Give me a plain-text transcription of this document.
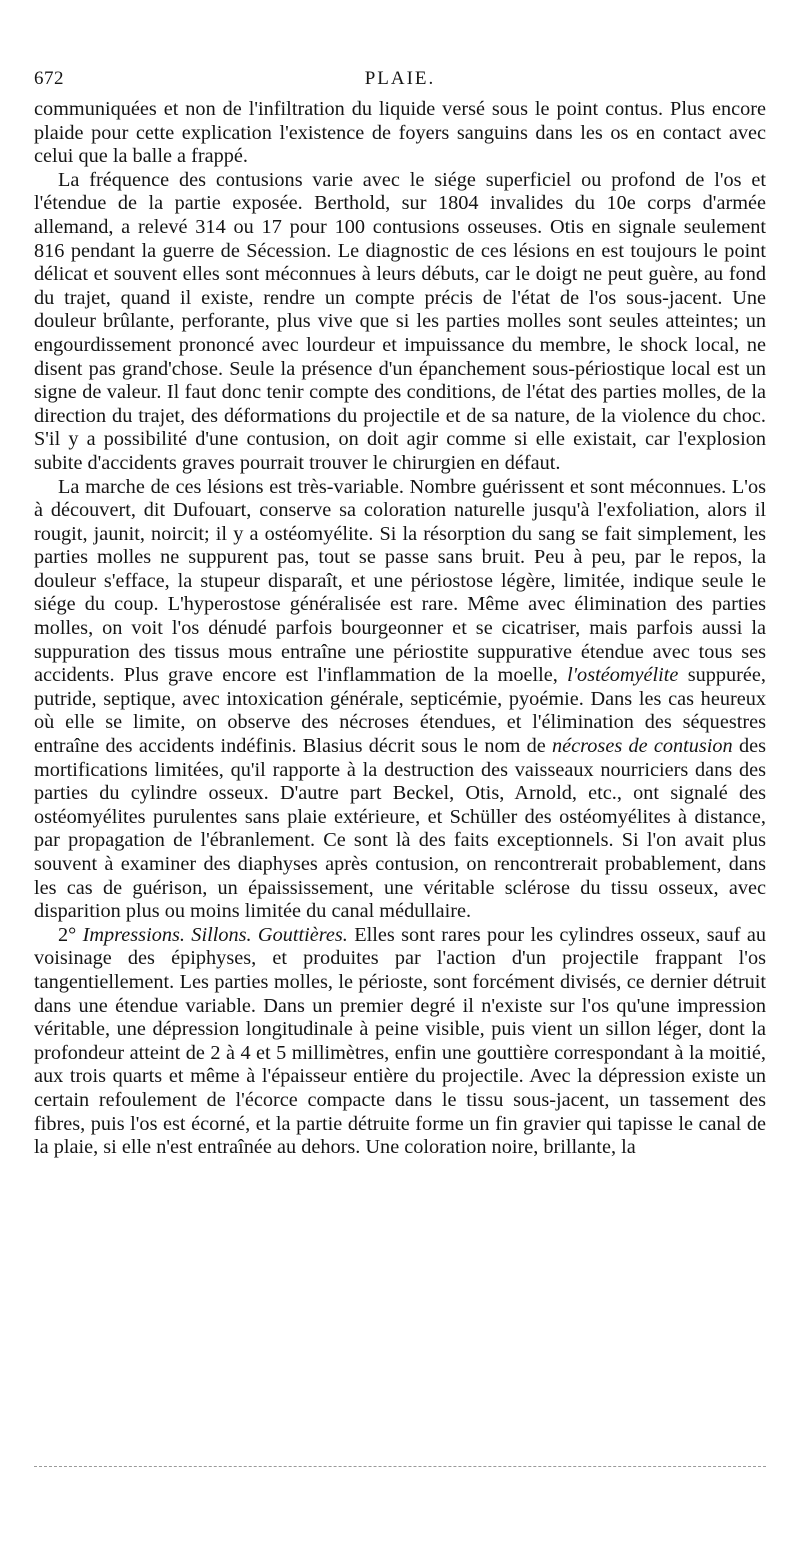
672	PLAIE.

communiquées et non de l'infiltration du liquide versé sous le point contus. Plus encore plaide pour cette explication l'existence de foyers sanguins dans les os en contact avec celui que la balle a frappé.

La fréquence des contusions varie avec le siége superficiel ou profond de l'os et l'étendue de la partie exposée. Berthold, sur 1804 invalides du 10e corps d'armée allemand, a relevé 314 ou 17 pour 100 contusions osseuses. Otis en signale seulement 816 pendant la guerre de Sécession. Le diagnostic de ces lésions en est toujours le point délicat et souvent elles sont méconnues à leurs débuts, car le doigt ne peut guère, au fond du trajet, quand il existe, rendre un compte précis de l'état de l'os sous-jacent. Une douleur brûlante, perforante, plus vive que si les parties molles sont seules atteintes; un engourdissement prononcé avec lourdeur et impuissance du membre, le shock local, ne disent pas grand'chose. Seule la présence d'un épanchement sous-périostique local est un signe de valeur. Il faut donc tenir compte des conditions, de l'état des parties molles, de la direction du trajet, des déformations du projectile et de sa nature, de la violence du choc. S'il y a possibilité d'une contusion, on doit agir comme si elle existait, car l'explosion subite d'accidents graves pourrait trouver le chirurgien en défaut.

La marche de ces lésions est très-variable. Nombre guérissent et sont méconnues. L'os à découvert, dit Dufouart, conserve sa coloration naturelle jusqu'à l'exfoliation, alors il rougit, jaunit, noircit; il y a ostéomyélite. Si la résorption du sang se fait simplement, les parties molles ne suppurent pas, tout se passe sans bruit. Peu à peu, par le repos, la douleur s'efface, la stupeur disparaît, et une périostose légère, limitée, indique seule le siége du coup. L'hyperostose généralisée est rare. Même avec élimination des parties molles, on voit l'os dénudé parfois bourgeonner et se cicatriser, mais parfois aussi la suppuration des tissus mous entraîne une périostite suppurative étendue avec tous ses accidents. Plus grave encore est l'inflammation de la moelle, l'ostéomyélite suppurée, putride, septique, avec intoxication générale, septicémie, pyoémie. Dans les cas heureux où elle se limite, on observe des nécroses étendues, et l'élimination des séquestres entraîne des accidents indéfinis. Blasius décrit sous le nom de nécroses de contusion des mortifications limitées, qu'il rapporte à la destruction des vaisseaux nourriciers dans des parties du cylindre osseux. D'autre part Beckel, Otis, Arnold, etc., ont signalé des ostéomyélites purulentes sans plaie extérieure, et Schüller des ostéomyélites à distance, par propagation de l'ébranlement. Ce sont là des faits exceptionnels. Si l'on avait plus souvent à examiner des diaphyses après contusion, on rencontrerait probablement, dans les cas de guérison, un épaississement, une véritable sclérose du tissu osseux, avec disparition plus ou moins limitée du canal médullaire.

2° Impressions. Sillons. Gouttières. Elles sont rares pour les cylindres osseux, sauf au voisinage des épiphyses, et produites par l'action d'un projectile frappant l'os tangentiellement. Les parties molles, le périoste, sont forcément divisés, ce dernier détruit dans une étendue variable. Dans un premier degré il n'existe sur l'os qu'une impression véritable, une dépression longitudinale à peine visible, puis vient un sillon léger, dont la profondeur atteint de 2 à 4 et 5 millimètres, enfin une gouttière correspondant à la moitié, aux trois quarts et même à l'épaisseur entière du projectile. Avec la dépression existe un certain refoulement de l'écorce compacte dans le tissu sous-jacent, un tassement des fibres, puis l'os est écorné, et la partie détruite forme un fin gravier qui tapisse le canal de la plaie, si elle n'est entraînée au dehors. Une coloration noire, brillante, la
